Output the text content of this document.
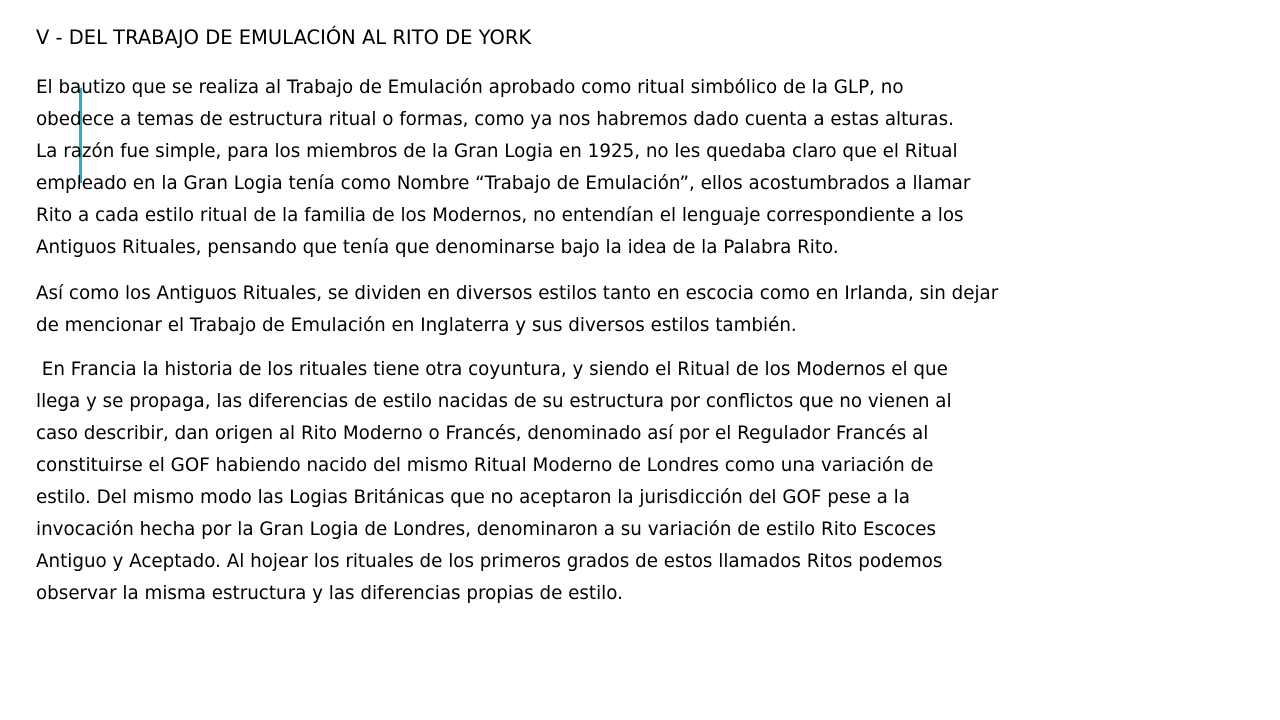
V - DEL TRABAJO DE EMULACIÓN AL RITO DE YORK

El bautizo que se realiza al Trabajo de Emulación aprobado como ritual simbólico de la GLP, no
obedece a temas de estructura ritual o formas, como ya nos habremos dado cuenta a estas alturas.
La razón fue simple, para los miembros de la Gran Logia en 1925, no les quedaba claro que el Ritual
empleado en la Gran Logia tenía como Nombre “Trabajo de Emulación”, ellos acostumbrados a llamar
Rito a cada estilo ritual de la familia de los Modernos, no entendían el lenguaje correspondiente a los
Antiguos Rituales, pensando que tenía que denominarse bajo la idea de la Palabra Rito.

Así como los Antiguos Rituales, se dividen en diversos estilos tanto en escocia como en Irlanda, sin dejar
de mencionar el Trabajo de Emulación en Inglaterra y sus diversos estilos también.

En Francia la historia de los rituales tiene otra coyuntura, y siendo el Ritual de los Modernos el que
llega y se propaga, las diferencias de estilo nacidas de su estructura por conflictos que no vienen al
caso describir, dan origen al Rito Moderno o Francés, denominado así por el Regulador Francés al
constituirse el GOF habiendo nacido del mismo Ritual Moderno de Londres como una variación de
estilo. Del mismo modo las Logias Británicas que no aceptaron la jurisdicción del GOF pese a la
invocación hecha por la Gran Logia de Londres, denominaron a su variación de estilo Rito Escoces
Antiguo y Aceptado. Al hojear los rituales de los primeros grados de estos llamados Ritos podemos
observar la misma estructura y las diferencias propias de estilo.
